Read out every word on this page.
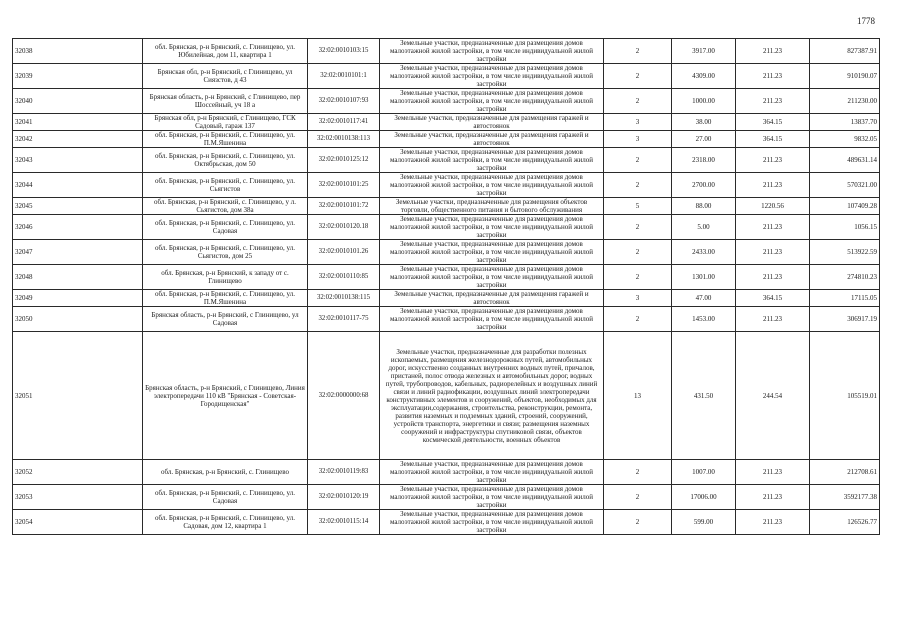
1778
32038	обл. Брянская, р-н Брянский, с. Глинищево, ул. Юбилейная, дом 11, квартира 1	32:02:0010103:15	Земельные участки, предназначенные для размещения домов малоэтажной жилой застройки, в том числе индивидуальной жилой застройки	2	3917.00	211.23	827387.91
32039	Брянская обл, р-н Брянский, с Глинищево, ул Сиязстов, д 43	32:02:0010101:1	Земельные участки, предназначенные для размещения домов малоэтажной жилой застройки, в том числе индивидуальной жилой застройки	2	4309.00	211.23	910190.07
32040	Брянская область, р-н Брянский, с Глинищево, пер Шоссейный, уч 18 а	32:02:0010107:93	Земельные участки, предназначенные для размещения домов малоэтажной жилой застройки, в том числе индивидуальной жилой застройки	2	1000.00	211.23	211230.00
32041	Брянская обл, р-н Брянский, с Глинищево, ГСК Садовый, гараж 137	32:02:0010117:41	Земельные участки, предназначенные для размещения гаражей и автостоянок	3	38.00	364.15	13837.70
32042	обл. Брянская, р-н Брянский, с. Глинищево, ул. П.М.Яшенина	32:02:0010138:113	Земельные участки, предназначенные для размещения гаражей и автостоянок	3	27.00	364.15	9832.05
32043	обл. Брянская, р-н Брянский, с. Глинищево, ул. Октябрьская, дом 50	32:02:0010125:12	Земельные участки, предназначенные для размещения домов малоэтажной жилой застройки, в том числе индивидуальной жилой застройки	2	2318.00	211.23	489631.14
32044	обл. Брянская, р-н Брянский, с. Глинищево, ул. Сьягистов	32:02:0010101:25	Земельные участки, предназначенные для размещения домов малоэтажной жилой застройки, в том числе индивидуальной жилой застройки	2	2700.00	211.23	570321.00
32045	обл. Брянская, р-н Брянский, с. Глинищево, у л. Сьягистов, дом 38а	32:02:0010101:72	Земельные участки, предназначенные для размещения объектов торговли, общественного питания и бытового обслуживания	5	88.00	1220.56	107409.28
32046	обл. Брянская, р-н Брянский, с. Глинищево, ул. Садовая	32:02:0010120.18	Земельные участки, предназначенные для размещения домов малоэтажной жилой застройки, в том числе индивидуальной жилой застройки	2	5.00	211.23	1056.15
32047	обл. Брянская, р-н Брянский, с. Глинищево, ул. Сьягистов, дом 25	32:02:0010101.26	Земельные участки, предназначенные для размещения домов малоэтажной жилой застройки, в том числе индивидуальной жилой застройки	2	2433.00	211.23	513922.59
32048	обл. Брянская, р-н Брянский, к западу от с. Глинищево	32:02:0010110:85	Земельные участки, предназначенные для размещения домов малоэтажной жилой застройки, в том числе индивидуальной жилой застройки	2	1301.00	211.23	274810.23
32049	обл. Брянская, р-н Брянский, с. Глинищево, ул. П.М.Яшенина	32:02:0010138:115	Земельные участки, предназначенные для размещения гаражей и автостоянок	3	47.00	364.15	17115.05
32050	Брянская область, р-н Брянский, с Глинищево, ул Садовая	32:02:0010117-75	Земельные участки, предназначенные для размещения домов малоэтажной жилой застройки, в том числе индивидуальной жилой застройки	2	1453.00	211.23	306917.19
32051	Брянская область, р-н Брянский, с Глинищево, Линия электропередачи 110 кВ "Брянская - Советская-Городищенская"	32:02:0000000:68	Земельные участки, предназначенные для разработки полезных ископаемых, размещения железнодорожных путей, автомобильных дорог, искусственно созданных внутренних водных путей, причалов, пристаней, полос отвода железных и автомобильных дорог, водных путей, трубопроводов, кабельных, радиорелейных и воздушных линий связи и линий радиофикации, воздушных линий электропередачи конструктивных элементов и сооружений, объектов, необходимых для эксплуатации,содержания, строительства, реконструкции, ремонта, развития наземных и подземных зданий, строений, сооружений, устройств транспорта, энергетики и связи; размещения наземных сооружений и инфраструктуры спутниковой связи, объектов космической деятельности, военных объектов	13	431.50	244.54	105519.01
32052	обл. Брянская, р-н Брянский, с. Глинищево	32:02:0010119:83	Земельные участки, предназначенные для размещения домов малоэтажной жилой застройки, в том числе индивидуальной жилой застройки	2	1007.00	211.23	212708.61
32053	обл. Брянская, р-н Брянский, с. Глинищево, ул. Садовая	32:02:0010120:19	Земельные участки, предназначенные для размещения домов малоэтажной жилой застройки, в том числе индивидуальной жилой застройки	2	17006.00	211.23	3592177.38
32054	обл. Брянская, р-н Брянский, с. Глинищево, ул. Садовая, дом 12, квартира 1	32:02:0010115:14	Земельные участки, предназначенные для размещения домов малоэтажной жилой застройки, в том числе индивидуальной жилой застройки	2	599.00	211.23	126526.77
